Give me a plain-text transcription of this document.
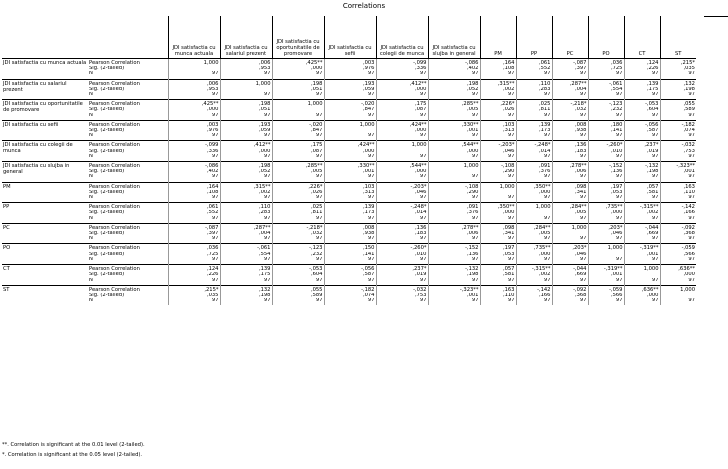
Correlations
		JDI satisfactia cu munca actuala	JDI satisfactia cu salariul prezent	JDI satisfactia cu oportunitatile de promovare	JDI satisfactia cu sefii	JDI satisfactia cu colegii de munca	JDI satisfactia cu slujba in general	PM	PP	PC	PO	CT	ST
JDI satisfactia cu munca actuala	Pearson Correlation	1,000	,006	,425**	,003	-,099	-,086	,164	,061	-,087	,036	,124	,215*
	Sig. (2-tailed)		,953	,000	,976	,336	,402	,108	,552	,397	,725	,226	,035
	N	97	97	97	97	97	97	97	97	97	97	97	97
JDI satisfactia cu salariul prezent	Pearson Correlation	,006	1,000	,198	,193	,412**	,198	,315**	,110	,287**	-,061	,139	,132
	Sig. (2-tailed)	,953		,051	,059	,000	,052	,002	,283	,004	,554	,175	,198
	N	97	97	97	97	97	97	97	97	97	97	97	97
JDI satisfactia cu oportunitatile de promovare	Pearson Correlation	,425**	,198	1,000	-,020	,175	,285**	,226*	,025	-,218*	-,123	-,053	,055
	Sig. (2-tailed)	,000	,051		,847	,087	,005	,026	,811	,032	,232	,604	,589
	N	97	97	97	97	97	97	97	97	97	97	97	97
JDI satisfactia cu sefii	Pearson Correlation	,003	,193	-,020	1,000	,424**	,330**	,103	,139	,008	,180	-,056	-,182
	Sig. (2-tailed)	,976	,059	,847		,000	,001	,313	,173	,938	,141	,587	,074
	N	97	97	97	97	97	97	97	97	97	97	97	97
JDI satisfactia cu colegii de munca	Pearson Correlation	-,099	,412**	,175	,424**	1,000	,544**	-,203*	-,248*	,136	-,260*	,237*	-,032
	Sig. (2-tailed)	,336	,000	,087	,000		,000	,046	,014	,183	,010	,019	,753
	N	97	97	97	97	97	97	97	97	97	97	97	97
JDI satisfactia cu slujba in general	Pearson Correlation	-,086	,198	,285**	,330**	,544**	1,000	-,108	,091	,278**	-,152	-,132	-,323**
	Sig. (2-tailed)	,402	,052	,005	,001	,000		,290	,376	,006	,136	,198	,001
	N	97	97	97	97	97	97	97	97	97	97	97	97
PM	Pearson Correlation	,164	,315**	,226*	,103	-,203*	-,108	1,000	,350**	,098	,197	,057	,163
	Sig. (2-tailed)	,108	,002	,026	,313	,046	,290		,000	,341	,053	,581	,110
	N	97	97	97	97	97	97	97	97	97	97	97	97
PP	Pearson Correlation	,061	,110	,025	,139	-,248*	,091	,350**	1,000	,284**	,735**	-,315**	-,142
	Sig. (2-tailed)	,552	,283	,811	,173	,014	,376	,000		,005	,000	,002	,166
	N	97	97	97	97	97	97	97	97	97	97	97	97
PC	Pearson Correlation	-,087	,287**	-,218*	,008	,136	,278**	,098	,284**	1,000	,203*	-,044	-,092
	Sig. (2-tailed)	,397	,004	,032	,938	,183	,006	,341	,005		,046	,669	,368
	N	97	97	97	97	97	97	97	97	97	97	97	97
PO	Pearson Correlation	,036	-,061	-,123	,150	-,260*	-,152	,197	,735**	,203*	1,000	-,319**	-,059
	Sig. (2-tailed)	,725	,554	,232	,141	,010	,136	,053	,000	,046		,001	,566
	N	97	97	97	97	97	97	97	97	97	97	97	97
CT	Pearson Correlation	,124	,139	-,053	-,056	,237*	-,132	,057	-,315**	-,044	-,319**	1,000	,636**
	Sig. (2-tailed)	,226	,175	,604	,587	,019	,198	,581	,002	,669	,001		,000
	N	97	97	97	97	97	97	97	97	97	97	97	97
ST	Pearson Correlation	,215*	,132	,055	-,182	-,032	-,323**	,163	-,142	-,092	-,059	,636**	1,000
	Sig. (2-tailed)	,035	,198	,589	,074	,753	,001	,110	,166	,368	,566	,000	
	N	97	97	97	97	97	97	97	97	97	97	97	97
**. Correlation is significant at the 0.01 level (2-tailed).
*. Correlation is significant at the 0.05 level (2-tailed).
